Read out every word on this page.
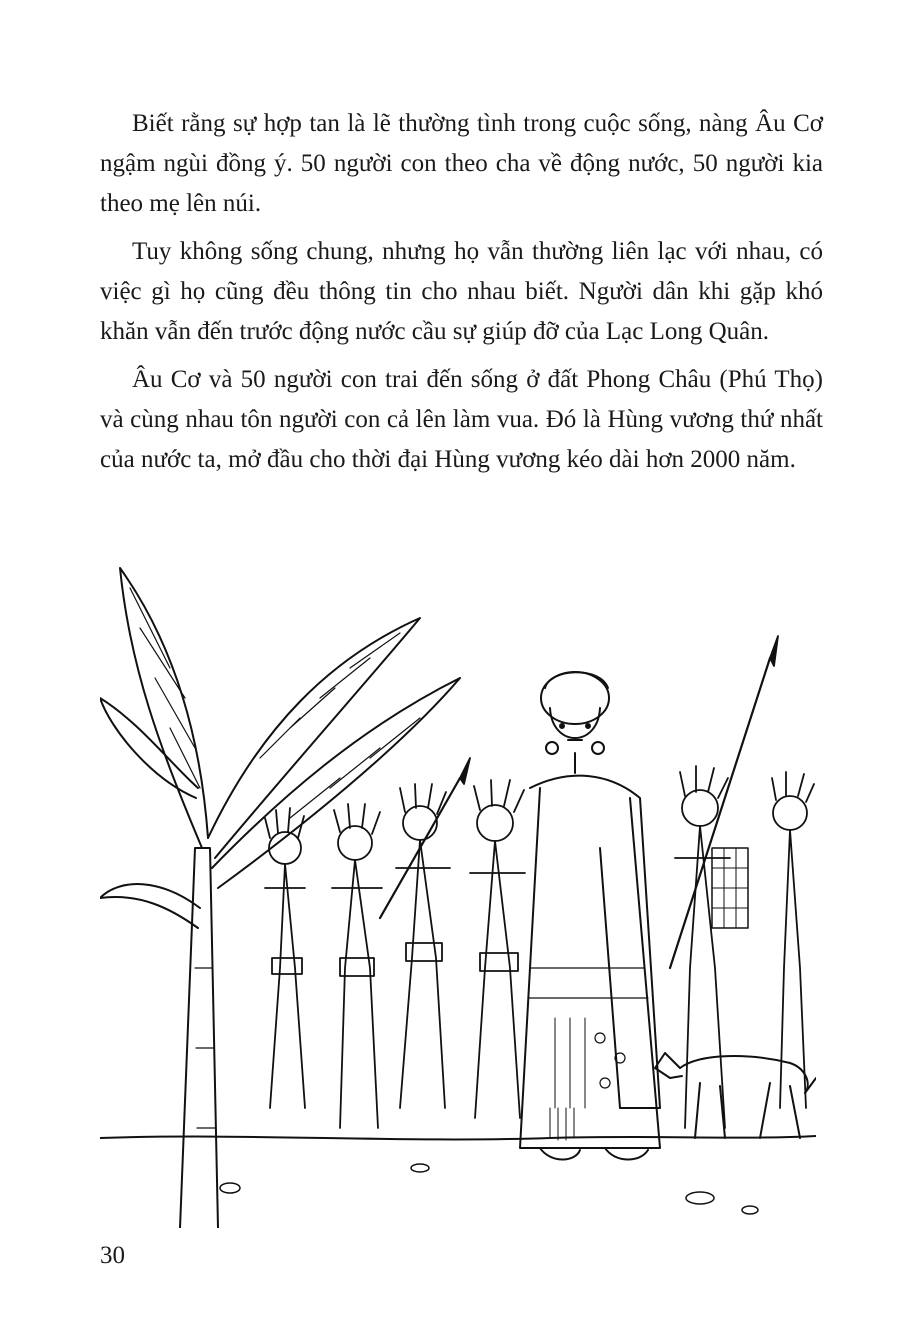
Biết rằng sự hợp tan là lẽ thường tình trong cuộc sống, nàng Âu Cơ ngậm ngùi đồng ý. 50 người con theo cha về động nước, 50 người kia theo mẹ lên núi.

Tuy không sống chung, nhưng họ vẫn thường liên lạc với nhau, có việc gì họ cũng đều thông tin cho nhau biết. Người dân khi gặp khó khăn vẫn đến trước động nước cầu sự giúp đỡ của Lạc Long Quân.

Âu Cơ và 50 người con trai đến sống ở đất Phong Châu (Phú Thọ) và cùng nhau tôn người con cả lên làm vua. Đó là Hùng vương thứ nhất của nước ta, mở đầu cho thời đại Hùng vương kéo dài hơn 2000 năm.

30
